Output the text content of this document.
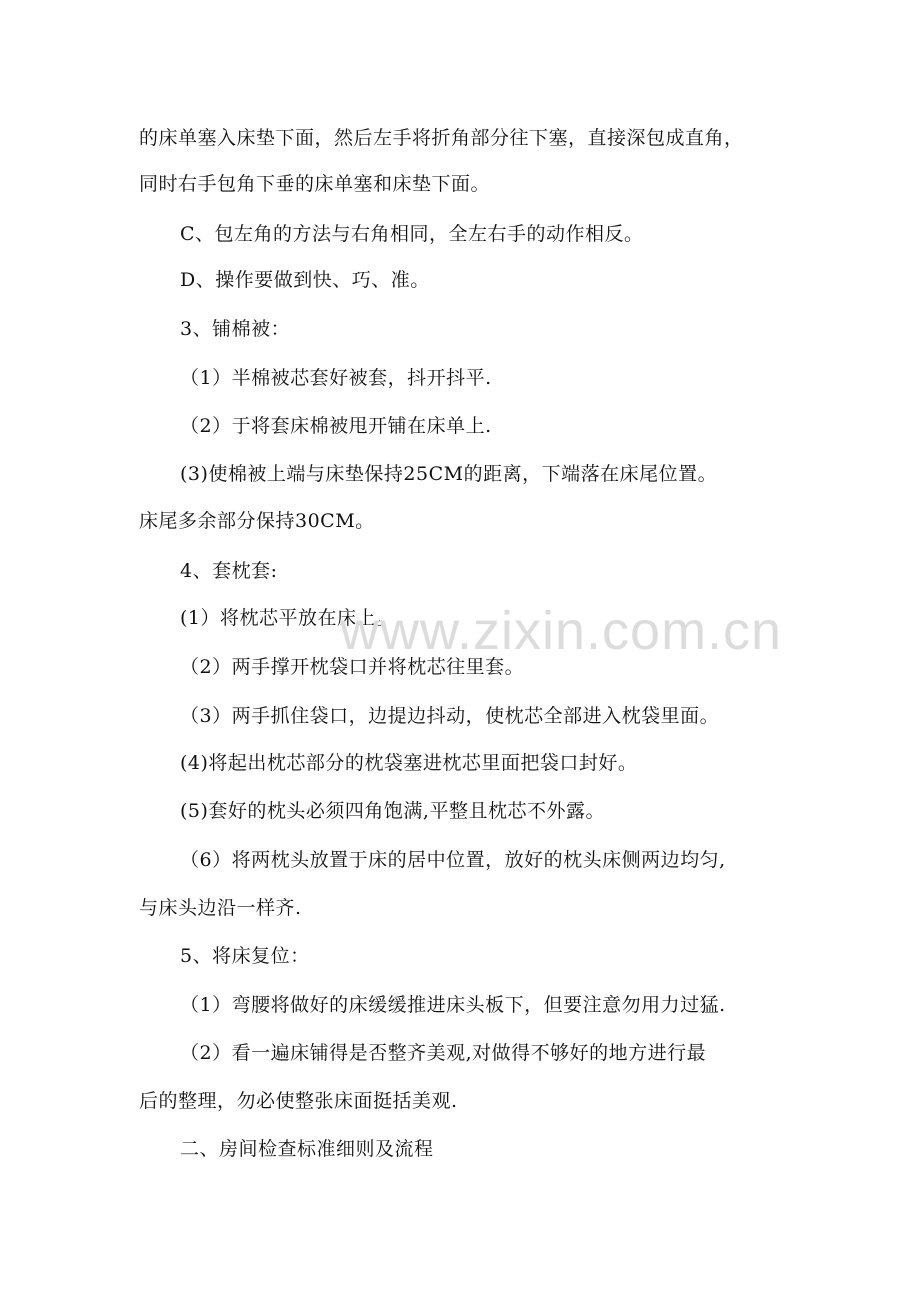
的床单塞入床垫下面，然后左手将折角部分往下塞，直接深包成直角，
同时右手包角下垂的床单塞和床垫下面。
C、包左角的方法与右角相同，全左右手的动作相反。
D、操作要做到快、巧、准。
3、铺棉被：
（1）半棉被芯套好被套，抖开抖平.
（2）于将套床棉被甩开铺在床单上.
(3)使棉被上端与床垫保持25CM的距离，下端落在床尾位置。
床尾多余部分保持30CM。
4、套枕套:
(1）将枕芯平放在床上。
（2）两手撑开枕袋口并将枕芯往里套。
（3）两手抓住袋口，边提边抖动，使枕芯全部进入枕袋里面。
(4)将起出枕芯部分的枕袋塞进枕芯里面把袋口封好。
(5)套好的枕头必须四角饱满,平整且枕芯不外露。
（6）将两枕头放置于床的居中位置，放好的枕头床侧两边均匀,
与床头边沿一样齐.
5、将床复位：
（1）弯腰将做好的床缓缓推进床头板下，但要注意勿用力过猛.
（2）看一遍床铺得是否整齐美观,对做得不够好的地方进行最
后的整理，勿必使整张床面挺括美观.
二、房间检查标准细则及流程
www.zixin.com.cn
